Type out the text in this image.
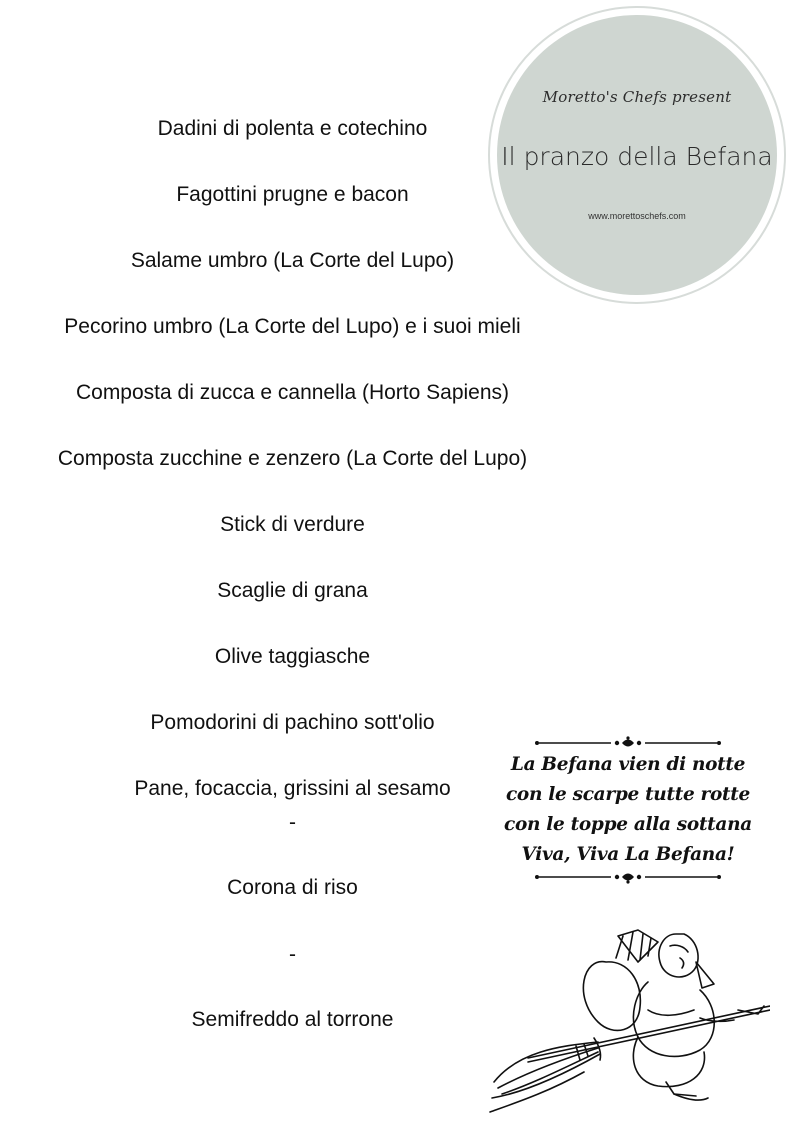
Dadini di polenta e cotechino
Fagottini prugne e bacon
Salame umbro (La Corte del Lupo)
Pecorino umbro (La Corte del Lupo) e i suoi mieli
Composta di zucca e cannella (Horto Sapiens)
Composta zucchine e zenzero (La Corte del Lupo)
Stick di verdure
Scaglie di grana
Olive taggiasche
Pomodorini di pachino sott'olio
Pane, focaccia, grissini al sesamo
-
Corona di riso
-
Semifreddo al torrone
Moretto's Chefs present
Il pranzo della Befana
www.morettoschefs.com
La Befana vien di notte
con le scarpe tutte rotte
con le toppe alla sottana
Viva, Viva La Befana!
